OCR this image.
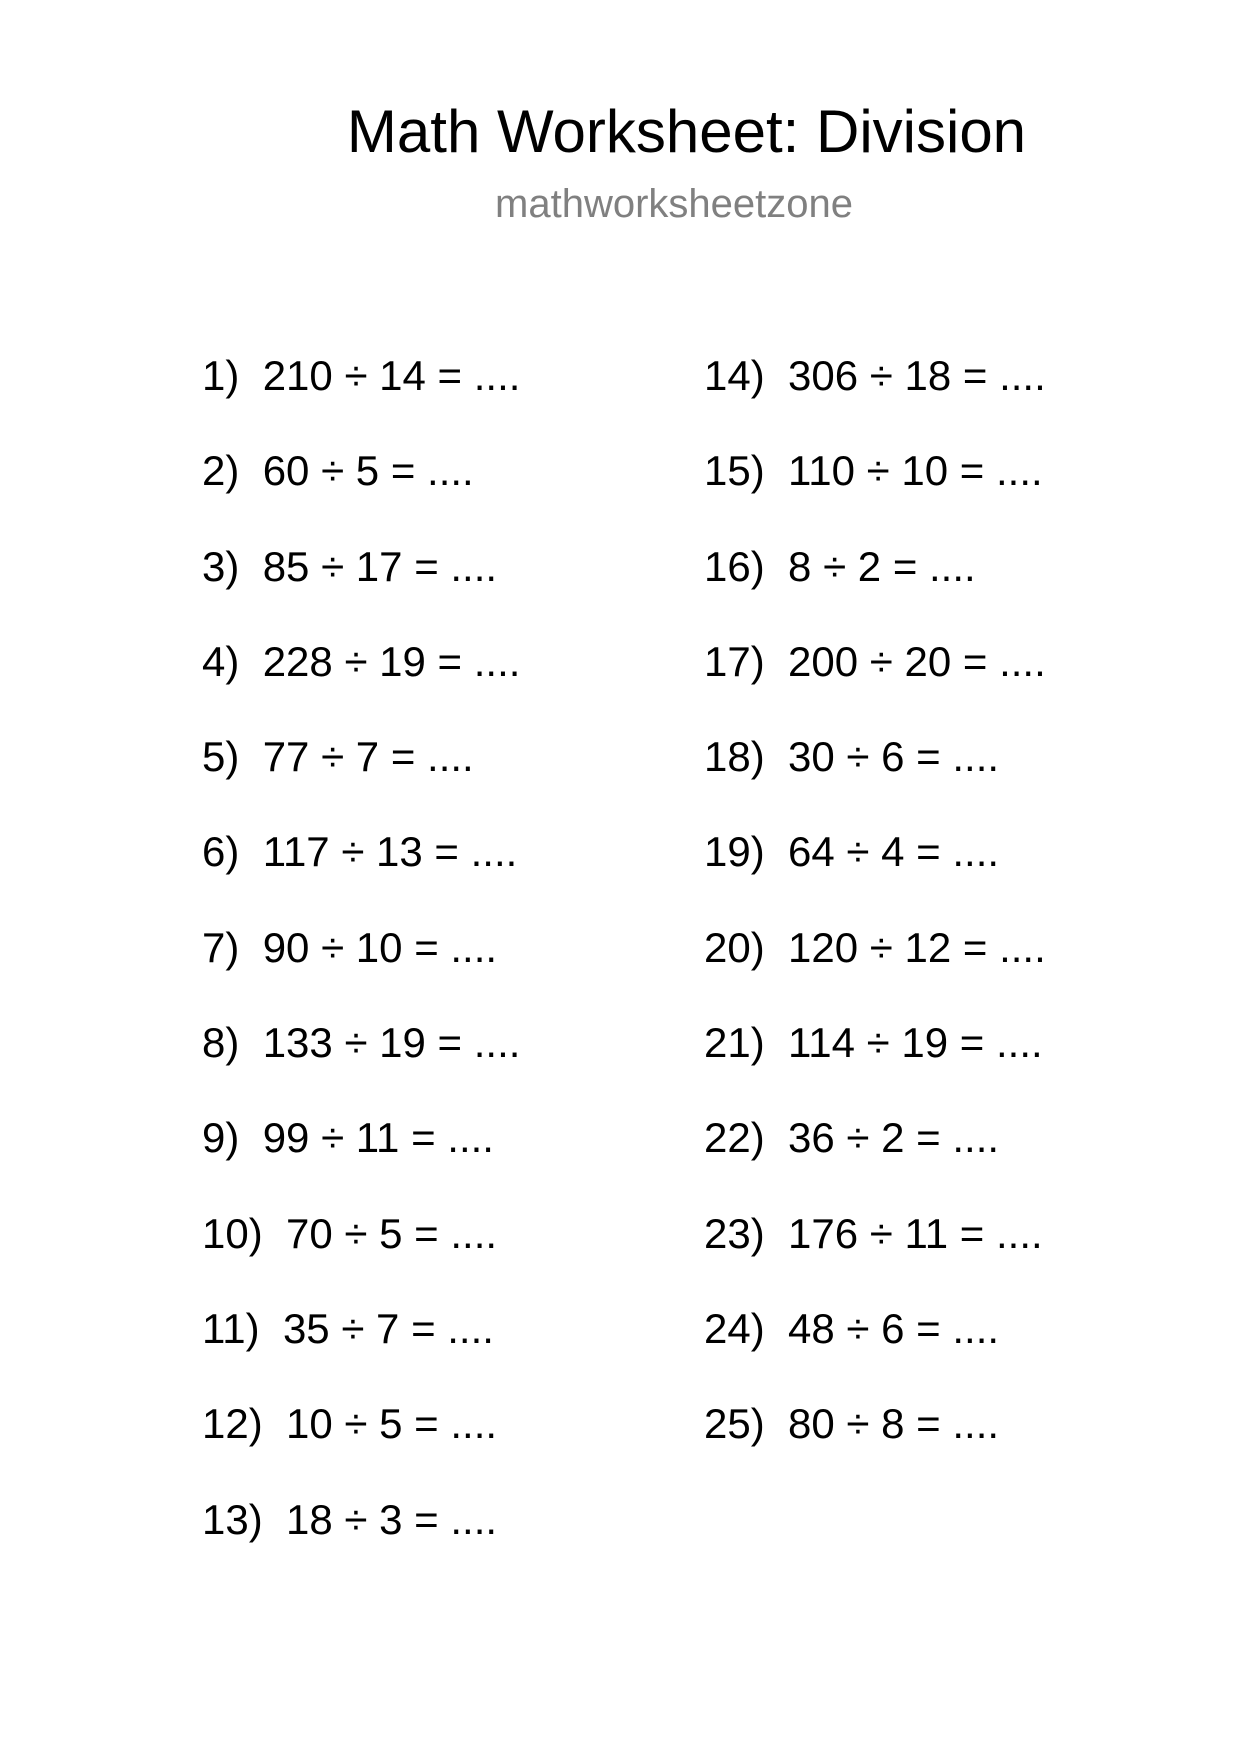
Math Worksheet: Division
mathworksheetzone
1) 210 ÷ 14 = ....
2) 60 ÷ 5 = ....
3) 85 ÷ 17 = ....
4) 228 ÷ 19 = ....
5) 77 ÷ 7 = ....
6) 117 ÷ 13 = ....
7) 90 ÷ 10 = ....
8) 133 ÷ 19 = ....
9) 99 ÷ 11 = ....
10) 70 ÷ 5 = ....
11) 35 ÷ 7 = ....
12) 10 ÷ 5 = ....
13) 18 ÷ 3 = ....
14) 306 ÷ 18 = ....
15) 110 ÷ 10 = ....
16) 8 ÷ 2 = ....
17) 200 ÷ 20 = ....
18) 30 ÷ 6 = ....
19) 64 ÷ 4 = ....
20) 120 ÷ 12 = ....
21) 114 ÷ 19 = ....
22) 36 ÷ 2 = ....
23) 176 ÷ 11 = ....
24) 48 ÷ 6 = ....
25) 80 ÷ 8 = ....
